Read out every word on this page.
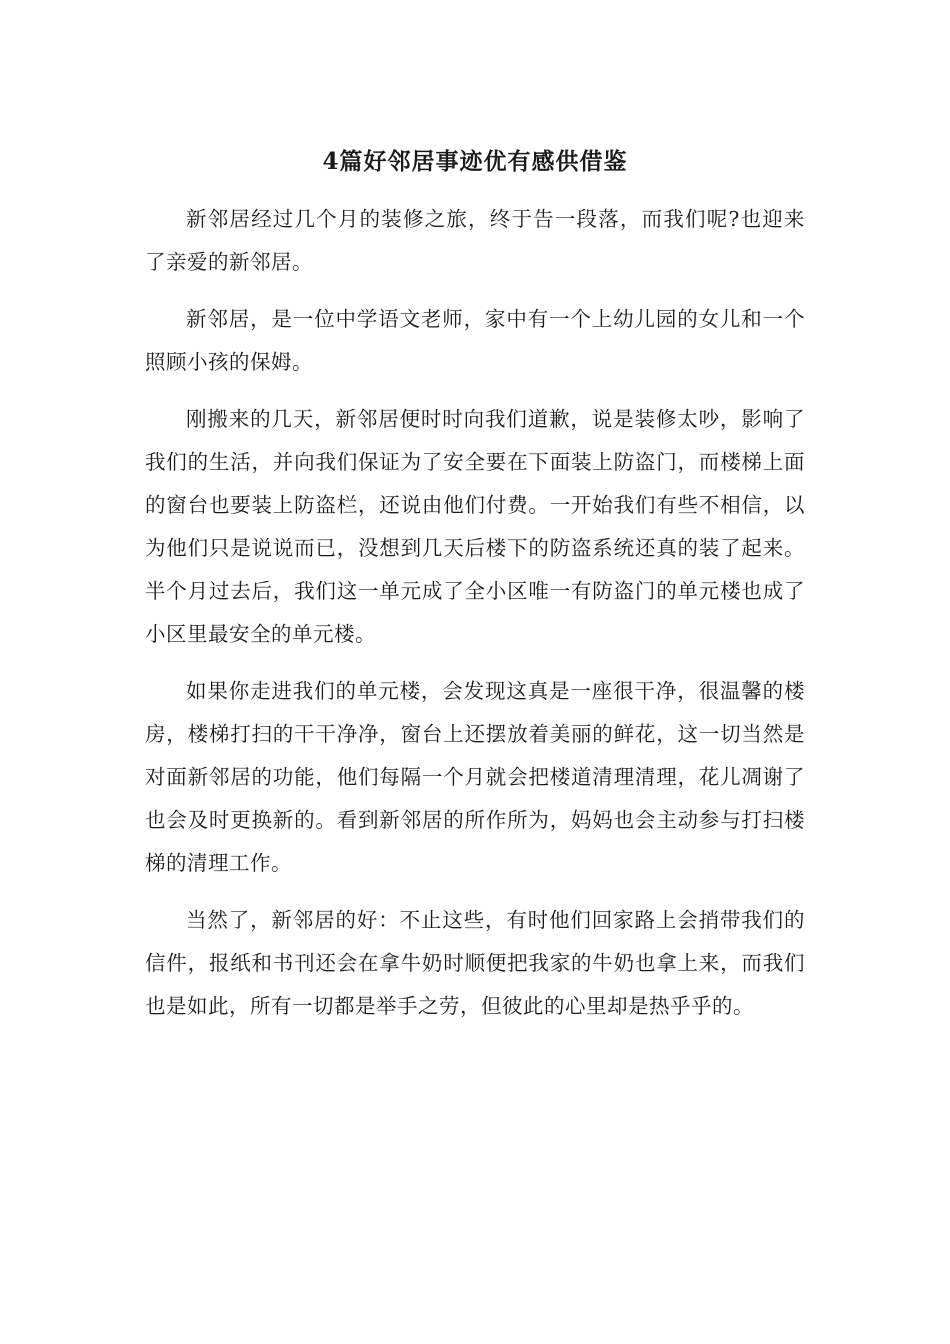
4篇好邻居事迹优有感供借鉴

新邻居经过几个月的装修之旅，终于告一段落，而我们呢?也迎来了亲爱的新邻居。

新邻居，是一位中学语文老师，家中有一个上幼儿园的女儿和一个照顾小孩的保姆。

刚搬来的几天，新邻居便时时向我们道歉，说是装修太吵，影响了我们的生活，并向我们保证为了安全要在下面装上防盗门，而楼梯上面的窗台也要装上防盗栏，还说由他们付费。一开始我们有些不相信，以为他们只是说说而已，没想到几天后楼下的防盗系统还真的装了起来。半个月过去后，我们这一单元成了全小区唯一有防盗门的单元楼也成了小区里最安全的单元楼。

如果你走进我们的单元楼，会发现这真是一座很干净，很温馨的楼房，楼梯打扫的干干净净，窗台上还摆放着美丽的鲜花，这一切当然是对面新邻居的功能，他们每隔一个月就会把楼道清理清理，花儿凋谢了也会及时更换新的。看到新邻居的所作所为，妈妈也会主动参与打扫楼梯的清理工作。

当然了，新邻居的好：不止这些，有时他们回家路上会捎带我们的信件，报纸和书刊还会在拿牛奶时顺便把我家的牛奶也拿上来，而我们也是如此，所有一切都是举手之劳，但彼此的心里却是热乎乎的。
